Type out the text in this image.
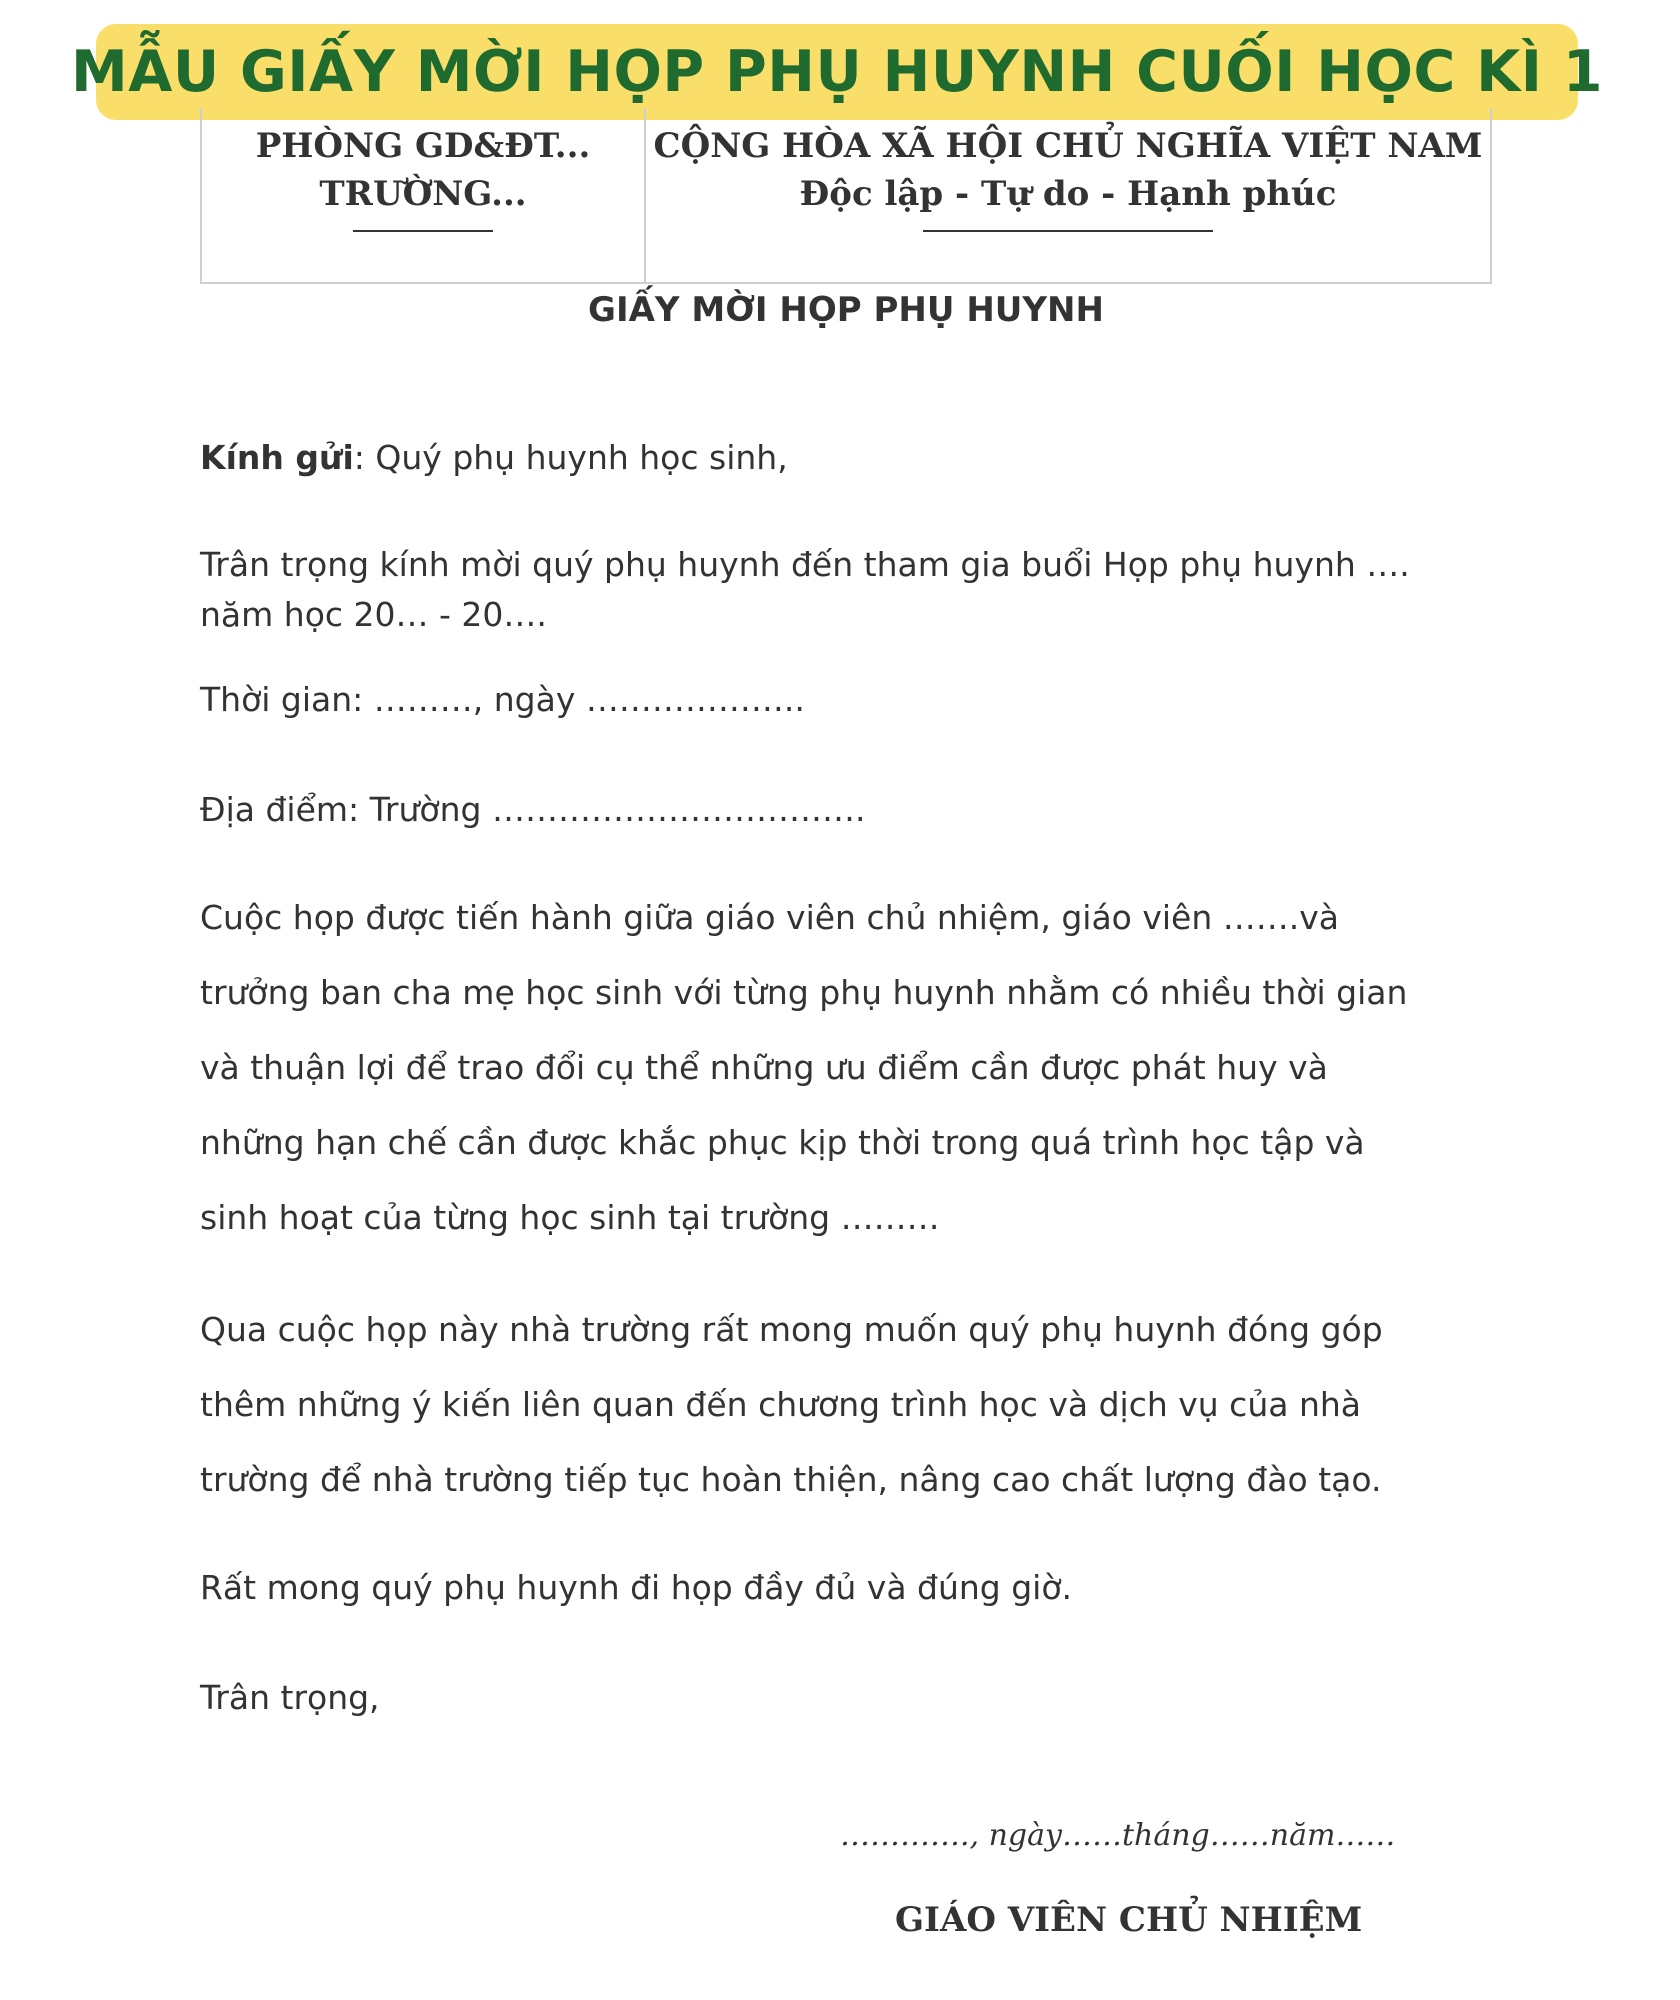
MẪU GIẤY MỜI HỌP PHỤ HUYNH CUỐI HỌC KÌ 1
PHÒNG GD&ĐT...
TRƯỜNG...
CỘNG HÒA XÃ HỘI CHỦ NGHĨA VIỆT NAM
Độc lập - Tự do - Hạnh phúc
GIẤY MỜI HỌP PHỤ HUYNH
Kính gửi: Quý phụ huynh học sinh,
Trân trọng kính mời quý phụ huynh đến tham gia buổi Họp phụ huynh ….
năm học 20… - 20….
Thời gian: ………, ngày ………………..
Địa điểm: Trường …………………………….
Cuộc họp được tiến hành giữa giáo viên chủ nhiệm, giáo viên …….và
trưởng ban cha mẹ học sinh với từng phụ huynh nhằm có nhiều thời gian
và thuận lợi để trao đổi cụ thể những ưu điểm cần được phát huy và
những hạn chế cần được khắc phục kịp thời trong quá trình học tập và
sinh hoạt của từng học sinh tại trường ………
Qua cuộc họp này nhà trường rất mong muốn quý phụ huynh đóng góp
thêm những ý kiến liên quan đến chương trình học và dịch vụ của nhà
trường để nhà trường tiếp tục hoàn thiện, nâng cao chất lượng đào tạo.
Rất mong quý phụ huynh đi họp đầy đủ và đúng giờ.
Trân trọng,
…………., ngày……tháng……năm……
GIÁO VIÊN CHỦ NHIỆM
